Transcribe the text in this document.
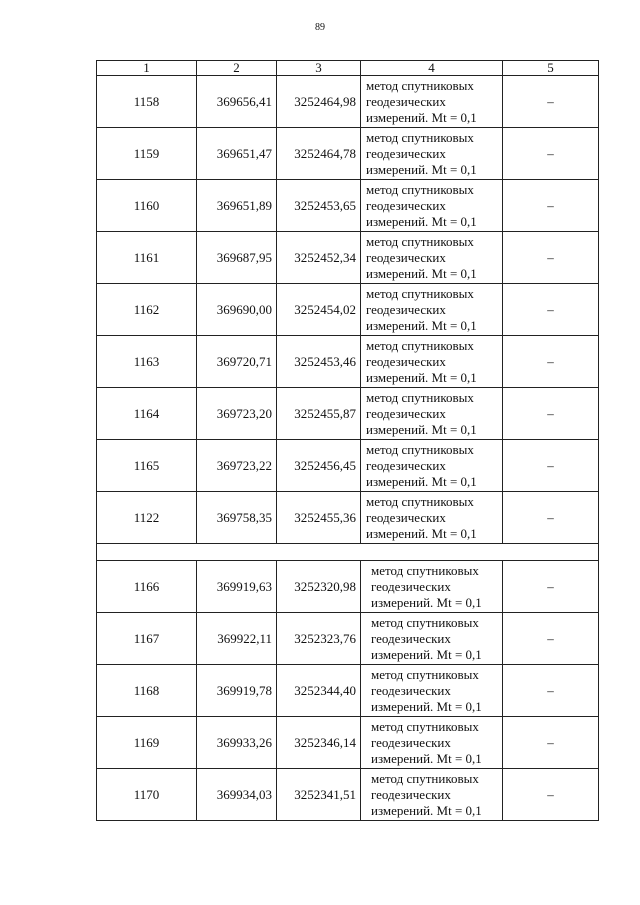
89
1	2	3	4	5
1158	369656,41	3252464,98	метод спутниковых геодезических измерений. Mt = 0,1	–
1159	369651,47	3252464,78	метод спутниковых геодезических измерений. Mt = 0,1	–
1160	369651,89	3252453,65	метод спутниковых геодезических измерений. Mt = 0,1	–
1161	369687,95	3252452,34	метод спутниковых геодезических измерений. Mt = 0,1	–
1162	369690,00	3252454,02	метод спутниковых геодезических измерений. Mt = 0,1	–
1163	369720,71	3252453,46	метод спутниковых геодезических измерений. Mt = 0,1	–
1164	369723,20	3252455,87	метод спутниковых геодезических измерений. Mt = 0,1	–
1165	369723,22	3252456,45	метод спутниковых геодезических измерений. Mt = 0,1	–
1122	369758,35	3252455,36	метод спутниковых геодезических измерений. Mt = 0,1	–

1166	369919,63	3252320,98	метод спутниковых геодезических измерений. Mt = 0,1	–
1167	369922,11	3252323,76	метод спутниковых геодезических измерений. Mt = 0,1	–
1168	369919,78	3252344,40	метод спутниковых геодезических измерений. Mt = 0,1	–
1169	369933,26	3252346,14	метод спутниковых геодезических измерений. Mt = 0,1	–
1170	369934,03	3252341,51	метод спутниковых геодезических измерений. Mt = 0,1	–
